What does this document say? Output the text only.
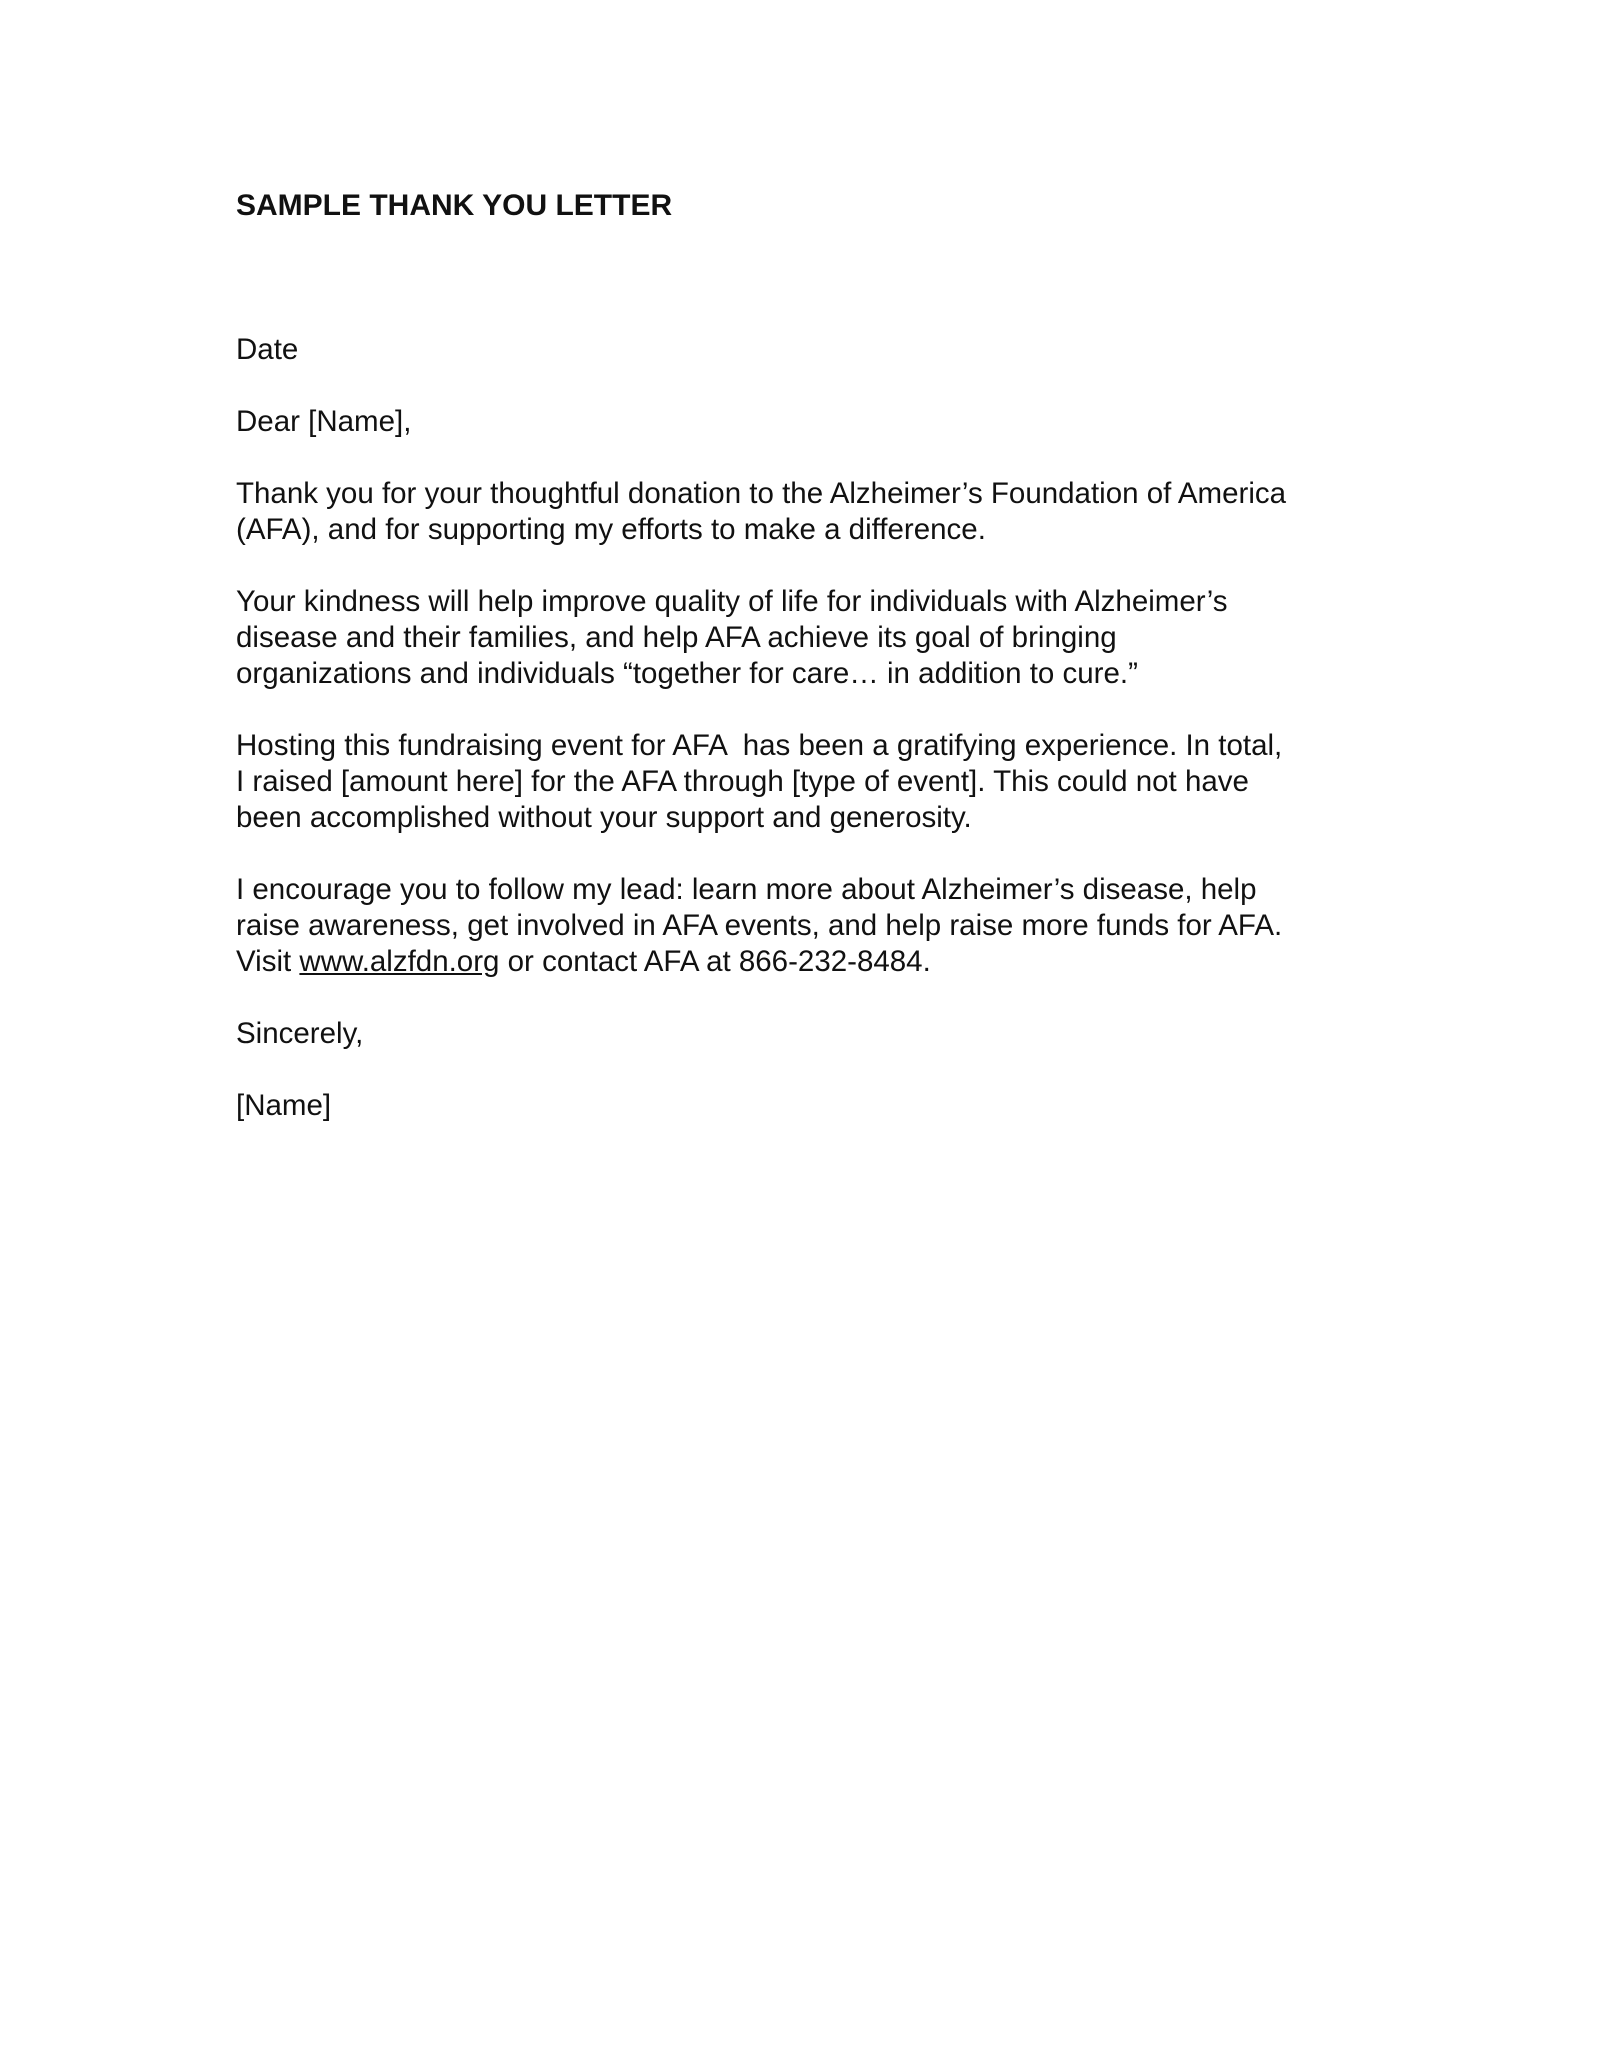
SAMPLE THANK YOU LETTER

Date

Dear [Name],

Thank you for your thoughtful donation to the Alzheimer’s Foundation of America
(AFA), and for supporting my efforts to make a difference.

Your kindness will help improve quality of life for individuals with Alzheimer’s
disease and their families, and help AFA achieve its goal of bringing
organizations and individuals “together for care… in addition to cure.”

Hosting this fundraising event for AFA  has been a gratifying experience. In total,
I raised [amount here] for the AFA through [type of event]. This could not have
been accomplished without your support and generosity.

I encourage you to follow my lead: learn more about Alzheimer’s disease, help
raise awareness, get involved in AFA events, and help raise more funds for AFA.
Visit www.alzfdn.org or contact AFA at 866-232-8484.

Sincerely,

[Name]
